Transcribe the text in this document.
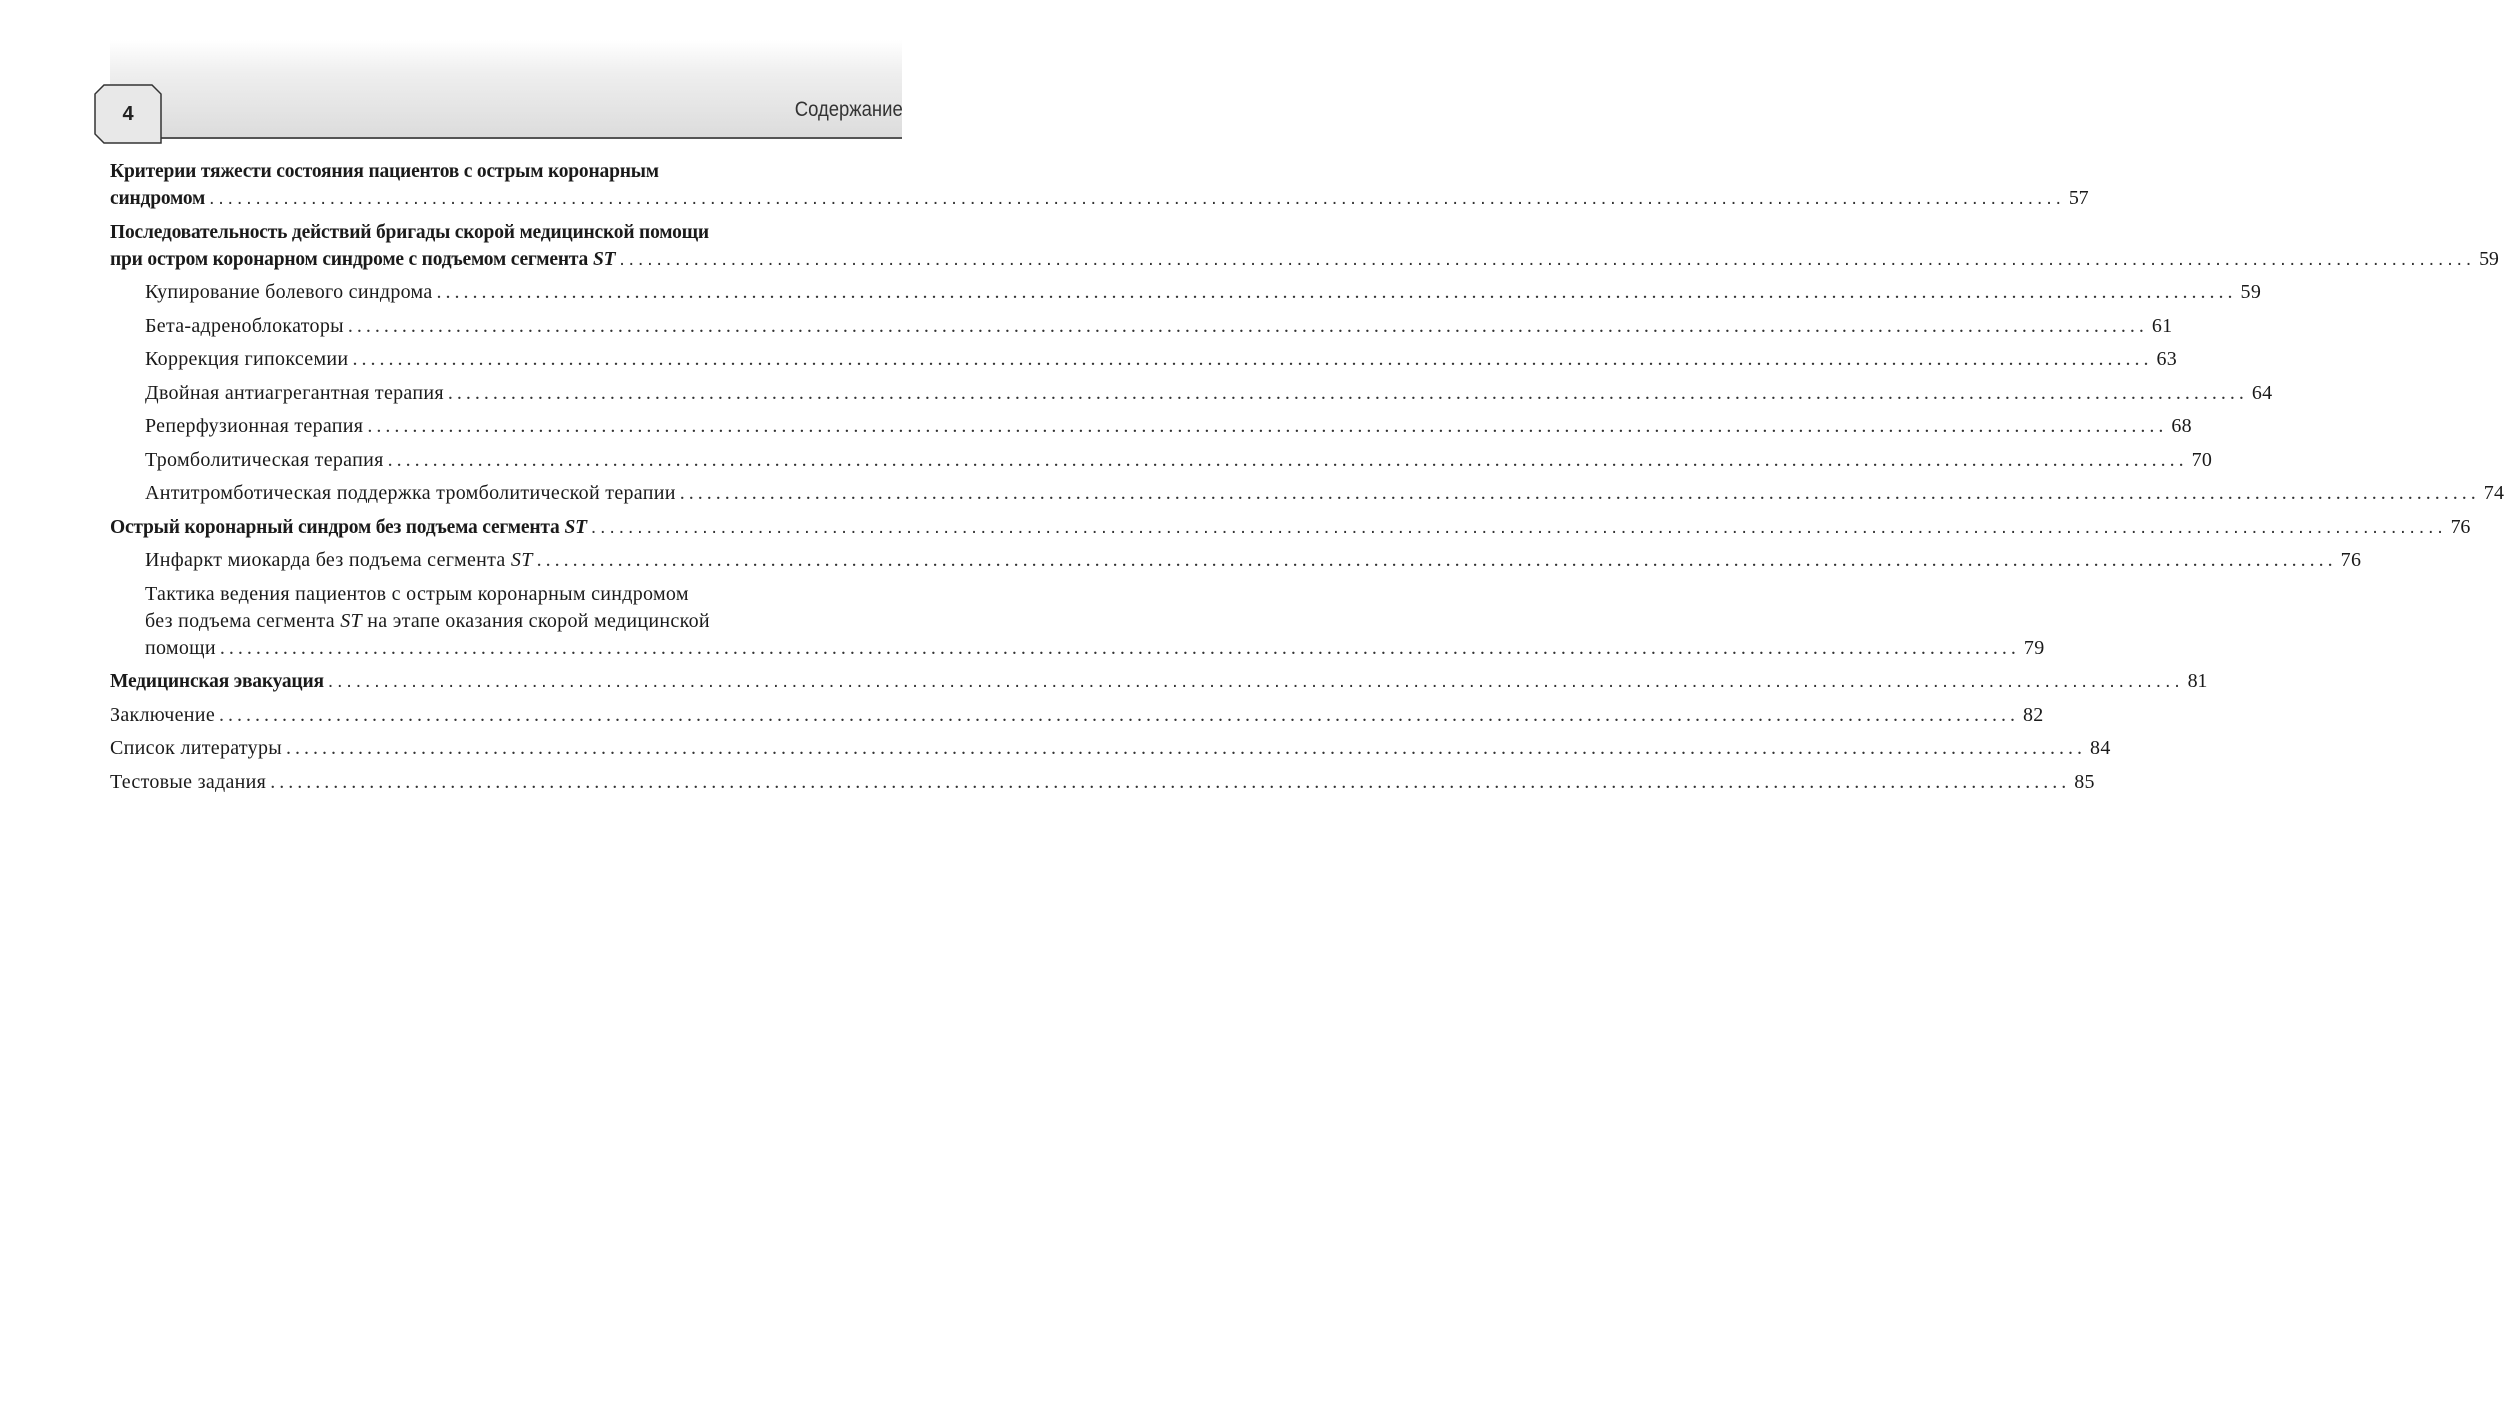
4	Содержание
Критерии тяжести состояния пациентов с острым коронарным
синдромом ........................................................................................................................................................................................................ 57
Последовательность действий бригады скорой медицинской помощи
при остром коронарном синдроме с подъемом сегмента
ST ........................................................................................................................................................................................................ 59
Купирование болевого синдрома ........................................................................................................................................................................................................ 59
Бета-адреноблокаторы ........................................................................................................................................................................................................ 61
Коррекция гипоксемии ........................................................................................................................................................................................................ 63
Двойная антиагрегантная терапия ........................................................................................................................................................................................................ 64
Реперфузионная терапия ........................................................................................................................................................................................................ 68
Тромболитическая терапия ........................................................................................................................................................................................................ 70
Антитромботическая поддержка тромболитической терапии ........................................................................................................................................................................................................ 74
Острый коронарный синдром без подъема сегмента
ST ........................................................................................................................................................................................................ 76
Инфаркт миокарда без подъема сегмента
ST ........................................................................................................................................................................................................ 76
Тактика ведения пациентов с острым коронарным синдромом
без подъема сегмента
ST
на этапе оказания скорой медицинской
помощи ........................................................................................................................................................................................................ 79
Медицинская эвакуация ........................................................................................................................................................................................................ 81
Заключение ........................................................................................................................................................................................................ 82
Список литературы ........................................................................................................................................................................................................ 84
Тестовые задания ........................................................................................................................................................................................................ 85
